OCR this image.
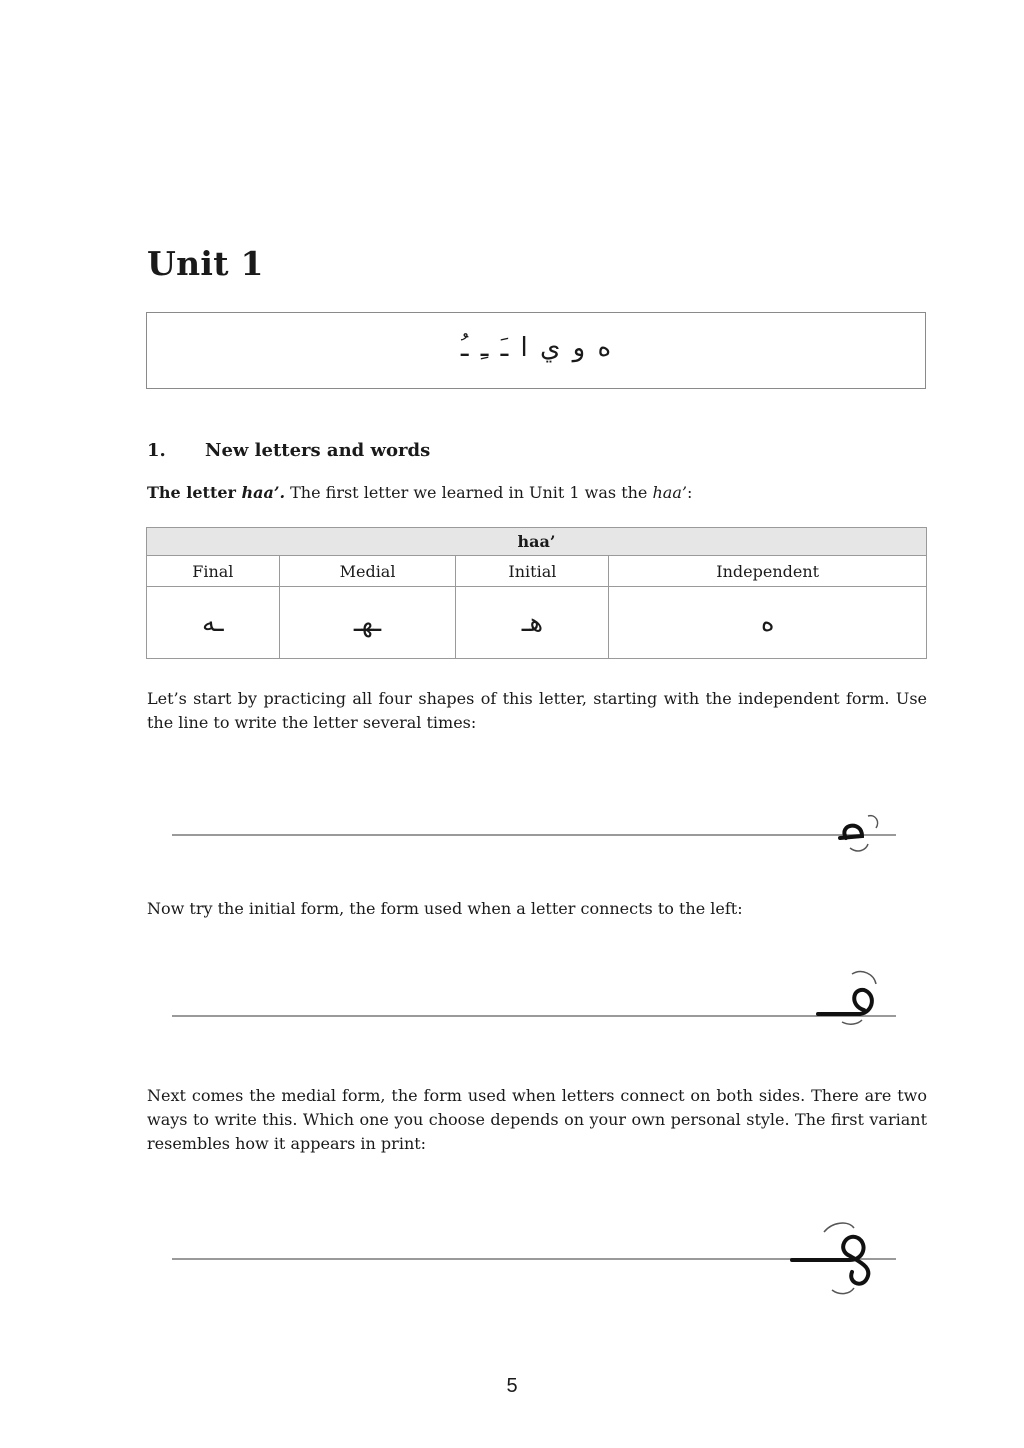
Unit 1
ه و ي ا ـَ ـِ ـُ
1. New letters and words
The letter haa’. The first letter we learned in Unit 1 was the haa’:
haa’			
Final	Medial	Initial	Independent
ـه	ـهـ	هـ	ه
Let’s start by practicing all four shapes of this letter, starting with the independent form. Use the line to write the letter several times:
Now try the initial form, the form used when a letter connects to the left:
Next comes the medial form, the form used when letters connect on both sides. There are two ways to write this. Which one you choose depends on your own personal style. The first variant resembles how it appears in print:
5
